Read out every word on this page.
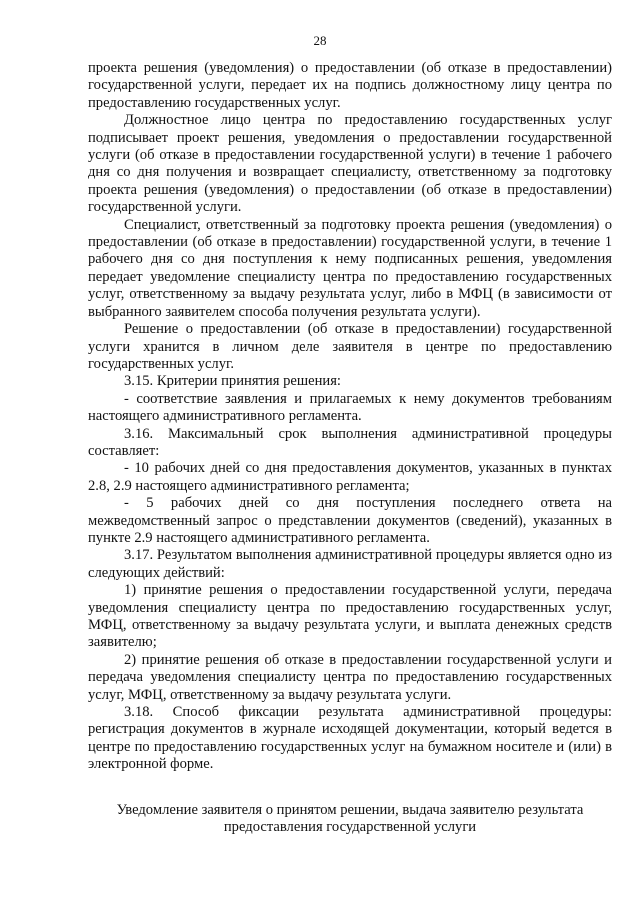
28

проекта решения (уведомления) о предоставлении (об отказе в предоставлении) государственной услуги, передает их на подпись должностному лицу центра по предоставлению государственных услуг.

Должностное лицо центра по предоставлению государственных услуг подписывает проект решения, уведомления о предоставлении государственной услуги (об отказе в предоставлении государственной услуги) в течение 1 рабочего дня со дня получения и возвращает специалисту, ответственному за подготовку проекта решения (уведомления) о предоставлении (об отказе в предоставлении) государственной услуги.

Специалист, ответственный за подготовку проекта решения (уведомления) о предоставлении (об отказе в предоставлении) государственной услуги, в течение 1 рабочего дня со дня поступления к нему подписанных решения, уведомления передает уведомление специалисту центра по предоставлению государственных услуг, ответственному за выдачу результата услуг, либо в МФЦ (в зависимости от выбранного заявителем способа получения результата услуги).

Решение о предоставлении (об отказе в предоставлении) государственной услуги хранится в личном деле заявителя в центре по предоставлению государственных услуг.

3.15. Критерии принятия решения:

- соответствие заявления и прилагаемых к нему документов требованиям настоящего административного регламента.

3.16. Максимальный срок выполнения административной процедуры составляет:

- 10 рабочих дней со дня предоставления документов, указанных в пунктах 2.8, 2.9 настоящего административного регламента;

- 5 рабочих дней со дня поступления последнего ответа на межведомственный запрос о представлении документов (сведений), указанных в пункте 2.9 настоящего административного регламента.

3.17. Результатом выполнения административной процедуры является одно из следующих действий:

1) принятие решения о предоставлении государственной услуги, передача уведомления специалисту центра по предоставлению государственных услуг, МФЦ, ответственному за выдачу результата услуги, и выплата денежных средств заявителю;

2) принятие решения об отказе в предоставлении государственной услуги и передача уведомления специалисту центра по предоставлению государственных услуг, МФЦ, ответственному за выдачу результата услуги.

3.18. Способ фиксации результата административной процедуры: регистрация документов в журнале исходящей документации, который ведется в центре по предоставлению государственных услуг на бумажном носителе и (или) в электронной форме.

Уведомление заявителя о принятом решении, выдача заявителю результата
предоставления государственной услуги
